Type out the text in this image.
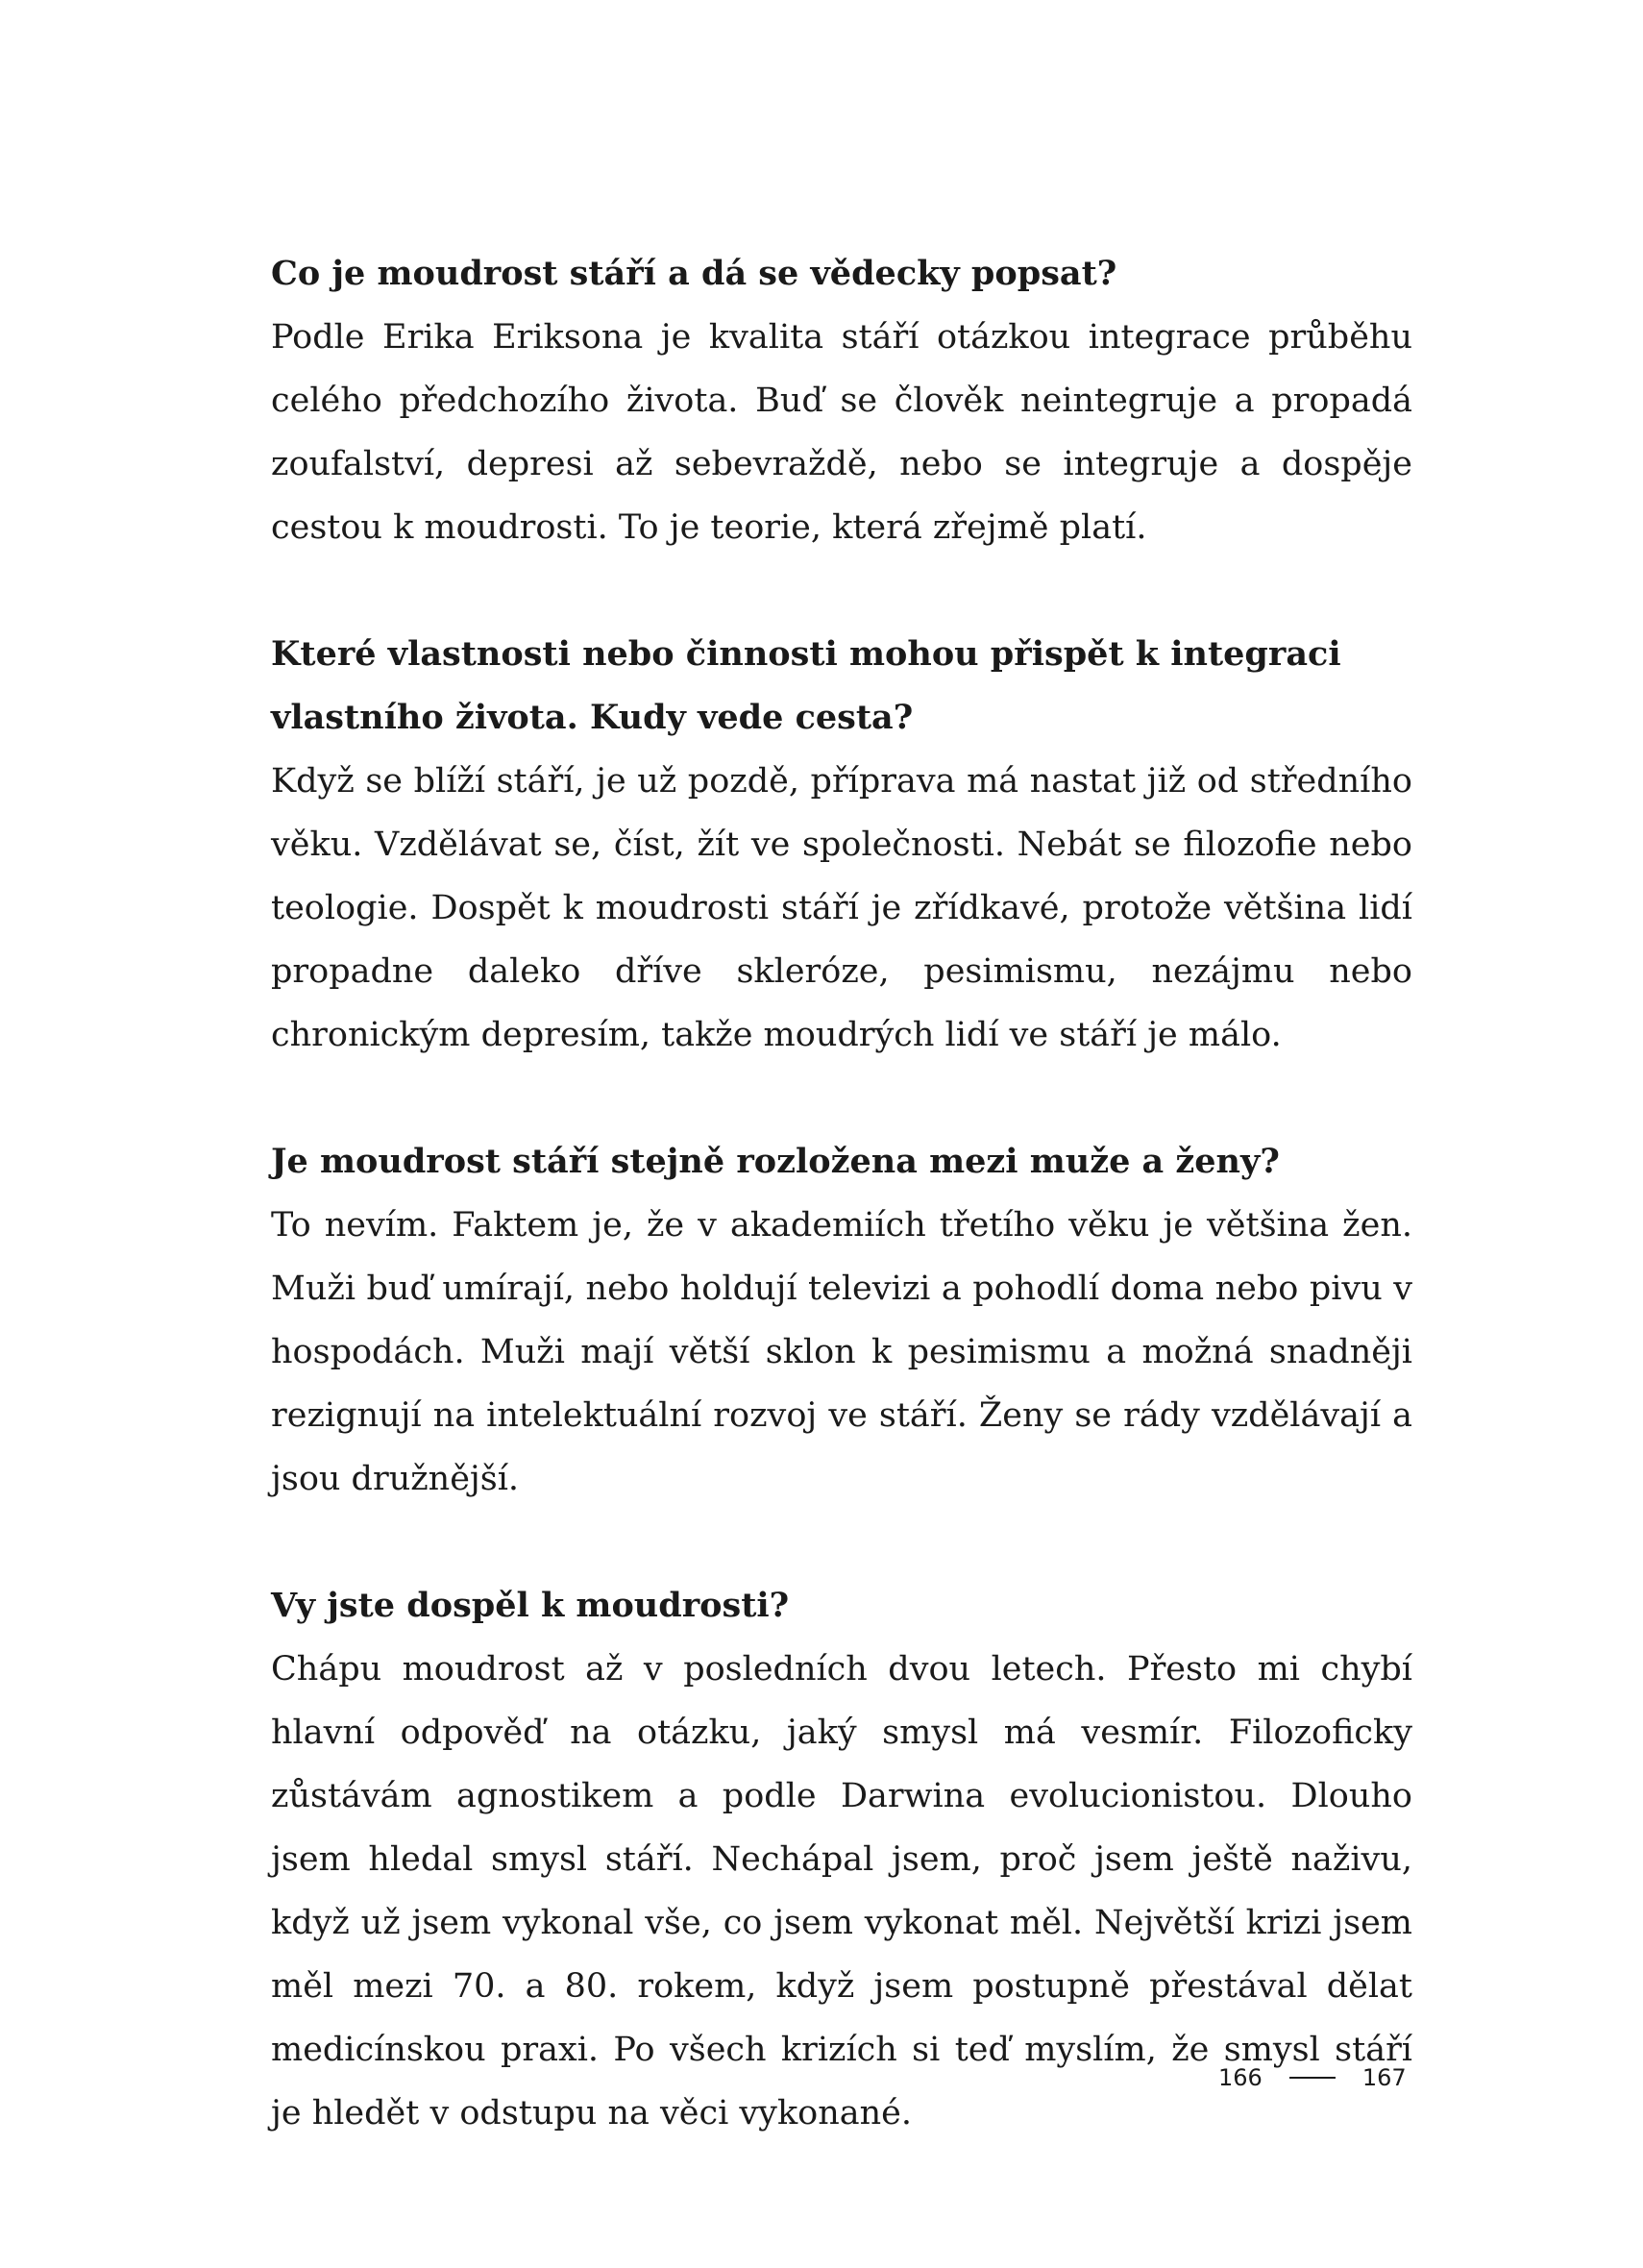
Co je moudrost stáří a dá se vědecky popsat?

Podle Erika Eriksona je kvalita stáří otázkou integrace průběhu celého předchozího života. Buď se člověk neintegruje a propadá zoufalství, depresi až sebevraždě, nebo se integruje a dospěje cestou k moudrosti. To je teorie, která zřejmě platí.

Které vlastnosti nebo činnosti mohou přispět k integraci vlastního života. Kudy vede cesta?

Když se blíží stáří, je už pozdě, příprava má nastat již od středního věku. Vzdělávat se, číst, žít ve společnosti. Nebát se filozofie nebo teologie. Dospět k moudrosti stáří je zřídkavé, protože většina lidí propadne daleko dříve skleróze, pesimismu, nezájmu nebo chronickým depresím, takže moudrých lidí ve stáří je málo.

Je moudrost stáří stejně rozložena mezi muže a ženy?

To nevím. Faktem je, že v akademiích třetího věku je většina žen. Muži buď umírají, nebo holdují televizi a pohodlí doma nebo pivu v hospodách. Muži mají větší sklon k pesimismu a možná snadněji rezignují na intelektuální rozvoj ve stáří. Ženy se rády vzdělávají a jsou družnější.

Vy jste dospěl k moudrosti?

Chápu moudrost až v posledních dvou letech. Přesto mi chybí hlavní odpověď na otázku, jaký smysl má vesmír. Filozoficky zůstávám agnostikem a podle Darwina evolucionistou. Dlouho jsem hledal smysl stáří. Nechápal jsem, proč jsem ještě naživu, když už jsem vykonal vše, co jsem vykonat měl. Největší krizi jsem měl mezi 70. a 80. rokem, když jsem postupně přestával dělat medicínskou praxi. Po všech krizích si teď myslím, že smysl stáří je hledět v odstupu na věci vykonané.

166	167
